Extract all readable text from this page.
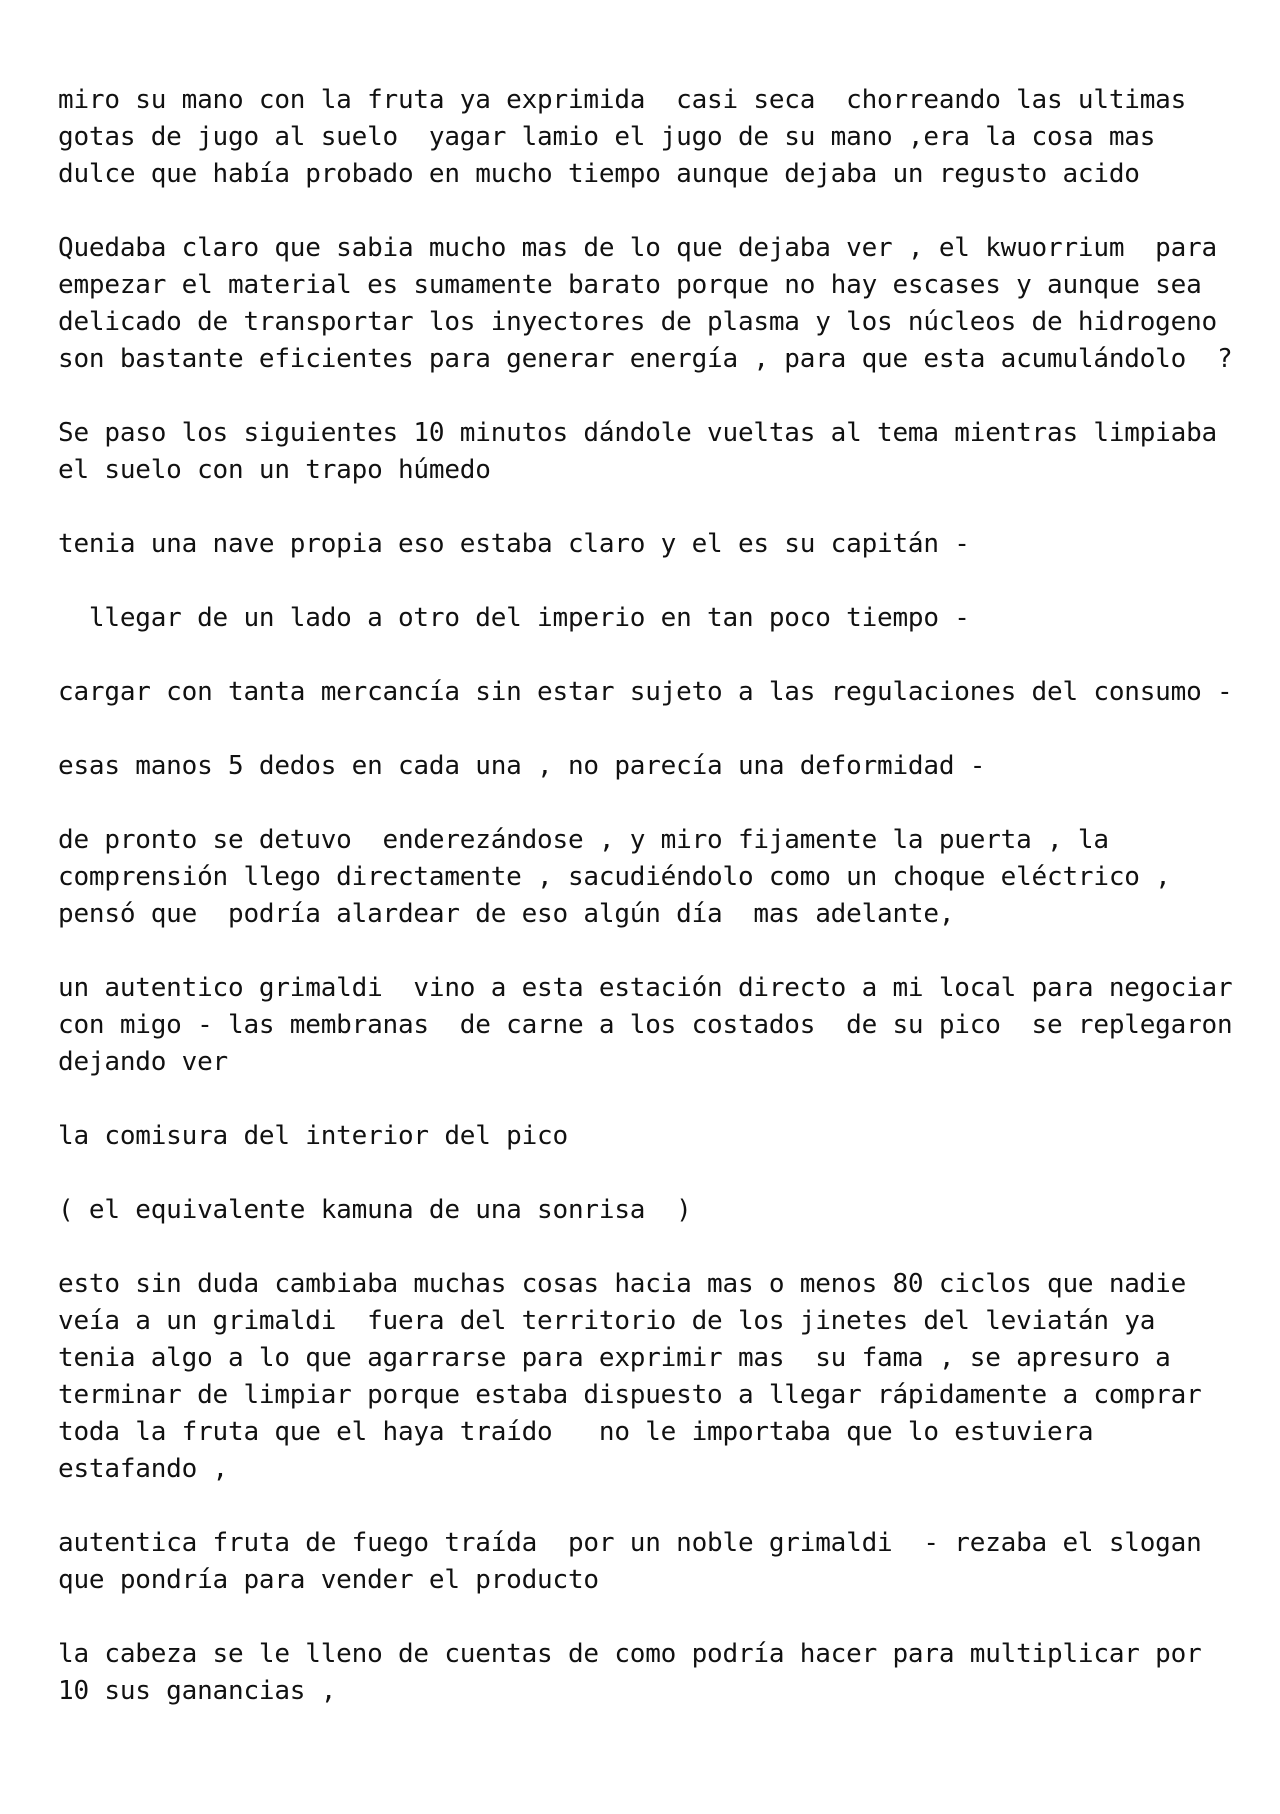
miro su mano con la fruta ya exprimida  casi seca  chorreando las ultimas
gotas de jugo al suelo  yagar lamio el jugo de su mano ,era la cosa mas
dulce que había probado en mucho tiempo aunque dejaba un regusto acido
Quedaba claro que sabia mucho mas de lo que dejaba ver , el kwuorrium  para
empezar el material es sumamente barato porque no hay escases y aunque sea
delicado de transportar los inyectores de plasma y los núcleos de hidrogeno
son bastante eficientes para generar energía , para que esta acumulándolo  ?
Se paso los siguientes 10 minutos dándole vueltas al tema mientras limpiaba
el suelo con un trapo húmedo
tenia una nave propia eso estaba claro y el es su capitán -
llegar de un lado a otro del imperio en tan poco tiempo -
cargar con tanta mercancía sin estar sujeto a las regulaciones del consumo -
esas manos 5 dedos en cada una , no parecía una deformidad -
de pronto se detuvo  enderezándose , y miro fijamente la puerta , la
comprensión llego directamente , sacudiéndolo como un choque eléctrico ,
pensó que  podría alardear de eso algún día  mas adelante,
un autentico grimaldi  vino a esta estación directo a mi local para negociar
con migo - las membranas  de carne a los costados  de su pico  se replegaron
dejando ver
la comisura del interior del pico
( el equivalente kamuna de una sonrisa  )
esto sin duda cambiaba muchas cosas hacia mas o menos 80 ciclos que nadie
veía a un grimaldi  fuera del territorio de los jinetes del leviatán ya
tenia algo a lo que agarrarse para exprimir mas  su fama , se apresuro a
terminar de limpiar porque estaba dispuesto a llegar rápidamente a comprar
toda la fruta que el haya traído   no le importaba que lo estuviera
estafando ,
autentica fruta de fuego traída  por un noble grimaldi  - rezaba el slogan
que pondría para vender el producto
la cabeza se le lleno de cuentas de como podría hacer para multiplicar por
10 sus ganancias ,
